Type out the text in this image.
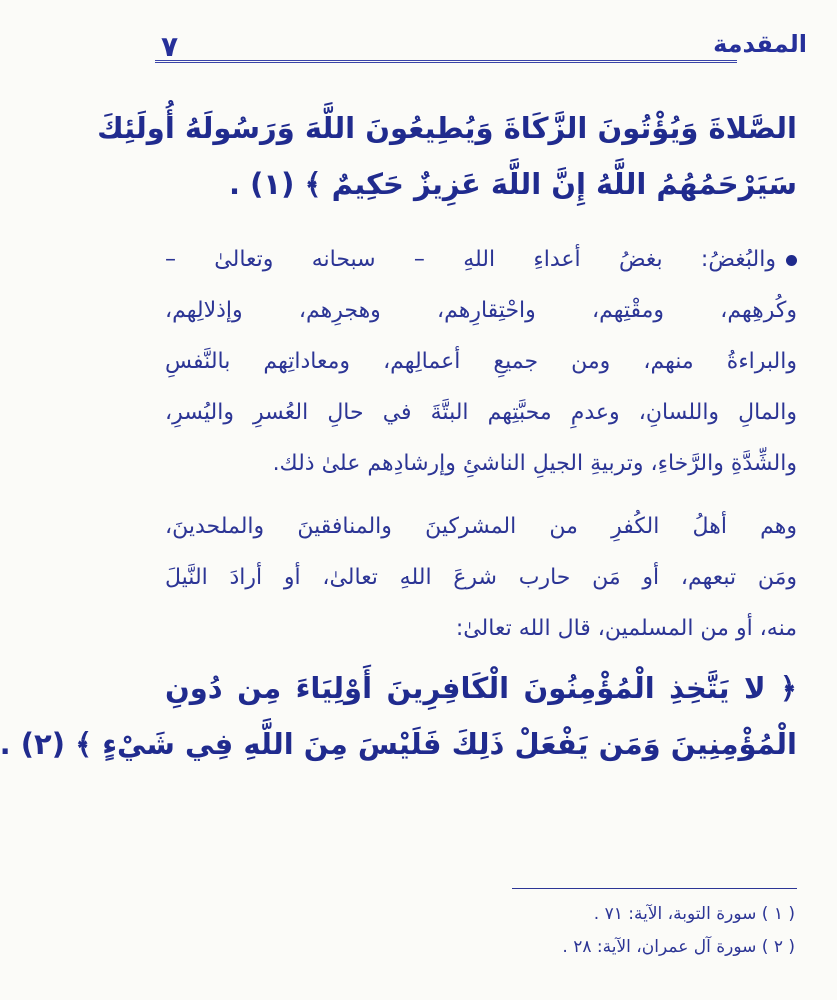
المقدمة
٧
الصَّلاةَ وَيُؤْتُونَ الزَّكَاةَ وَيُطِيعُونَ اللَّهَ وَرَسُولَهُ أُولَئِكَ
سَيَرْحَمُهُمُ اللَّهُ إِنَّ اللَّهَ عَزِيزٌ حَكِيمٌ ﴾ (١) .
والبُغضُ: بغضُ أعداءِ اللهِ – سبحانه وتعالىٰ –
وكُرهِهم، ومقْتِهم، واحْتِقارِهم، وهجرِهم، وإذلالِهم،
والبراءةُ منهم، ومن جميعِ أعمالِهم، ومعاداتِهم بالنَّفسِ
والمالِ واللسانِ، وعدمِ محبَّتِهم البتَّةَ في حالِ العُسرِ واليُسرِ،
والشِّدَّةِ والرَّخاءِ، وتربيةِ الجيلِ الناشئِ وإرشادِهم علىٰ ذلك.
وهم أهلُ الكُفرِ من المشركينَ والمنافقينَ والملحدينَ،
ومَن تبعهم، أو مَن حارب شرعَ اللهِ تعالىٰ، أو أرادَ النَّيلَ
منه، أو من المسلمين، قال الله تعالىٰ:
﴿ لا يَتَّخِذِ الْمُؤْمِنُونَ الْكَافِرِينَ أَوْلِيَاءَ مِن دُونِ
الْمُؤْمِنِينَ وَمَن يَفْعَلْ ذَلِكَ فَلَيْسَ مِنَ اللَّهِ فِي شَيْءٍ ﴾ (٢) .
( ١ ) سورة التوبة، الآية: ٧١ .
( ٢ ) سورة آل عمران، الآية: ٢٨ .
